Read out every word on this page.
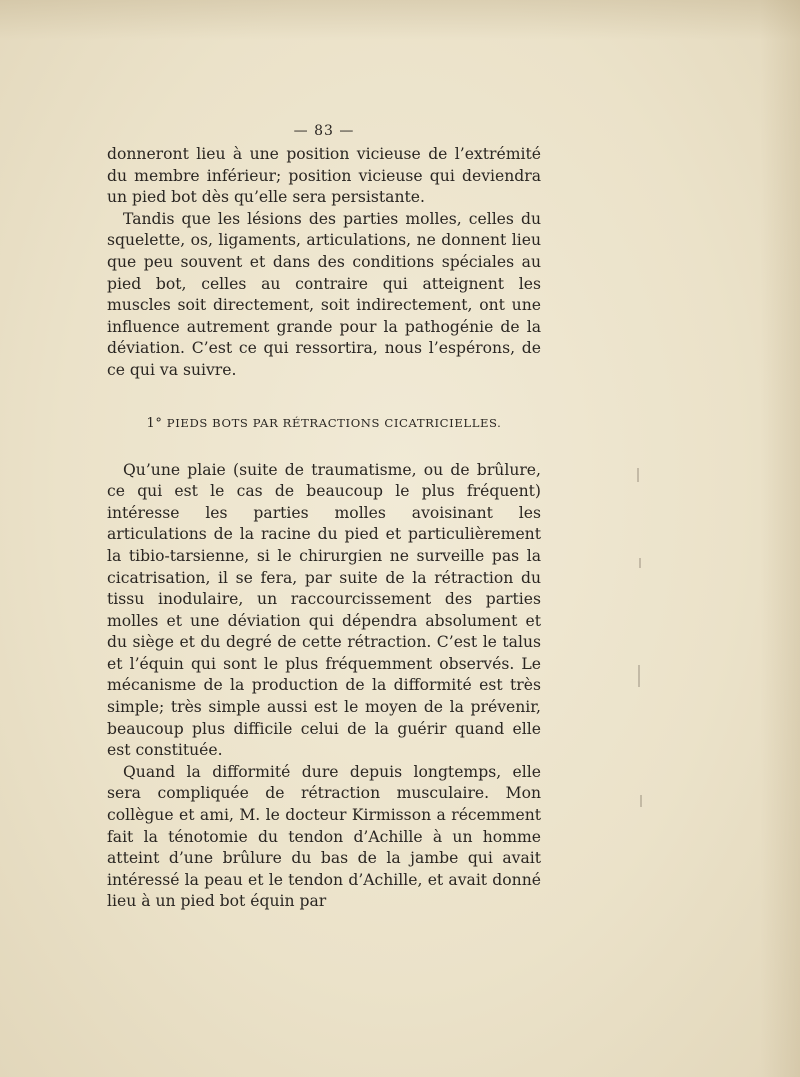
— 83 —

donneront lieu à une position vicieuse de l’extrémité du membre inférieur; position vicieuse qui deviendra un pied bot dès qu’elle sera persistante.

Tandis que les lésions des parties molles, celles du squelette, os, ligaments, articulations, ne donnent lieu que peu souvent et dans des conditions spéciales au pied bot, celles au contraire qui atteignent les muscles soit directement, soit indirectement, ont une influence autrement grande pour la pathogénie de la déviation. C’est ce qui ressortira, nous l’espérons, de ce qui va suivre.

1° PIEDS BOTS PAR RÉTRACTIONS CICATRICIELLES.

Qu’une plaie (suite de traumatisme, ou de brûlure, ce qui est le cas de beaucoup le plus fréquent) intéresse les parties molles avoisinant les articulations de la racine du pied et particulièrement la tibio-tarsienne, si le chirurgien ne surveille pas la cicatrisation, il se fera, par suite de la rétraction du tissu inodulaire, un raccourcissement des parties molles et une déviation qui dépendra absolument et du siège et du degré de cette rétraction. C’est le talus et l’équin qui sont le plus fréquemment observés. Le mécanisme de la production de la difformité est très simple; très simple aussi est le moyen de la prévenir, beaucoup plus difficile celui de la guérir quand elle est constituée.

Quand la difformité dure depuis longtemps, elle sera compliquée de rétraction musculaire. Mon collègue et ami, M. le docteur Kirmisson a récemment fait la ténotomie du tendon d’Achille à un homme atteint d’une brûlure du bas de la jambe qui avait intéressé la peau et le tendon d’Achille, et avait donné lieu à un pied bot équin par
